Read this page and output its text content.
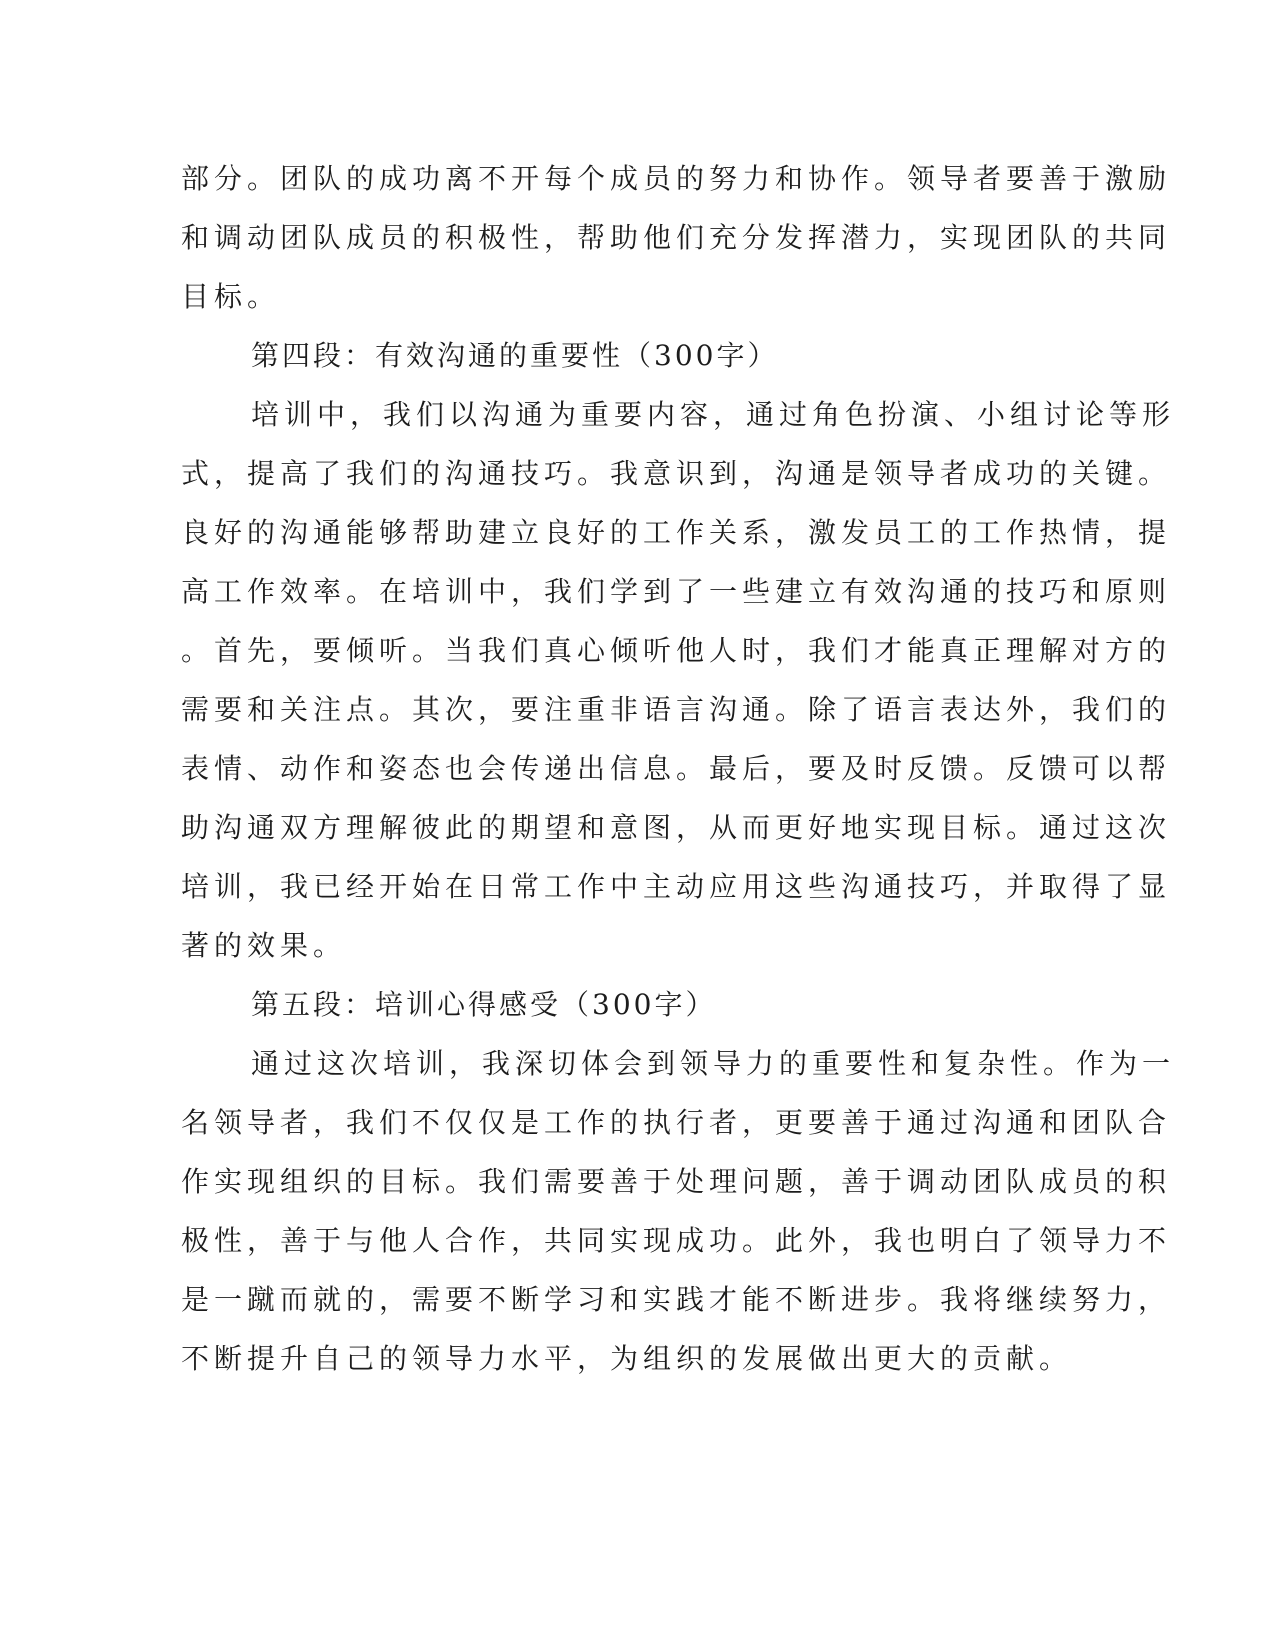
部分。团队的成功离不开每个成员的努力和协作。领导者要善于激励

和调动团队成员的积极性，帮助他们充分发挥潜力，实现团队的共同

目标。

第四段：有效沟通的重要性（300字）

培训中，我们以沟通为重要内容，通过角色扮演、小组讨论等形

式，提高了我们的沟通技巧。我意识到，沟通是领导者成功的关键。

良好的沟通能够帮助建立良好的工作关系，激发员工的工作热情，提

高工作效率。在培训中，我们学到了一些建立有效沟通的技巧和原则

。首先，要倾听。当我们真心倾听他人时，我们才能真正理解对方的

需要和关注点。其次，要注重非语言沟通。除了语言表达外，我们的

表情、动作和姿态也会传递出信息。最后，要及时反馈。反馈可以帮

助沟通双方理解彼此的期望和意图，从而更好地实现目标。通过这次

培训，我已经开始在日常工作中主动应用这些沟通技巧，并取得了显

著的效果。

第五段：培训心得感受（300字）

通过这次培训，我深切体会到领导力的重要性和复杂性。作为一

名领导者，我们不仅仅是工作的执行者，更要善于通过沟通和团队合

作实现组织的目标。我们需要善于处理问题，善于调动团队成员的积

极性，善于与他人合作，共同实现成功。此外，我也明白了领导力不

是一蹴而就的，需要不断学习和实践才能不断进步。我将继续努力，

不断提升自己的领导力水平，为组织的发展做出更大的贡献。
